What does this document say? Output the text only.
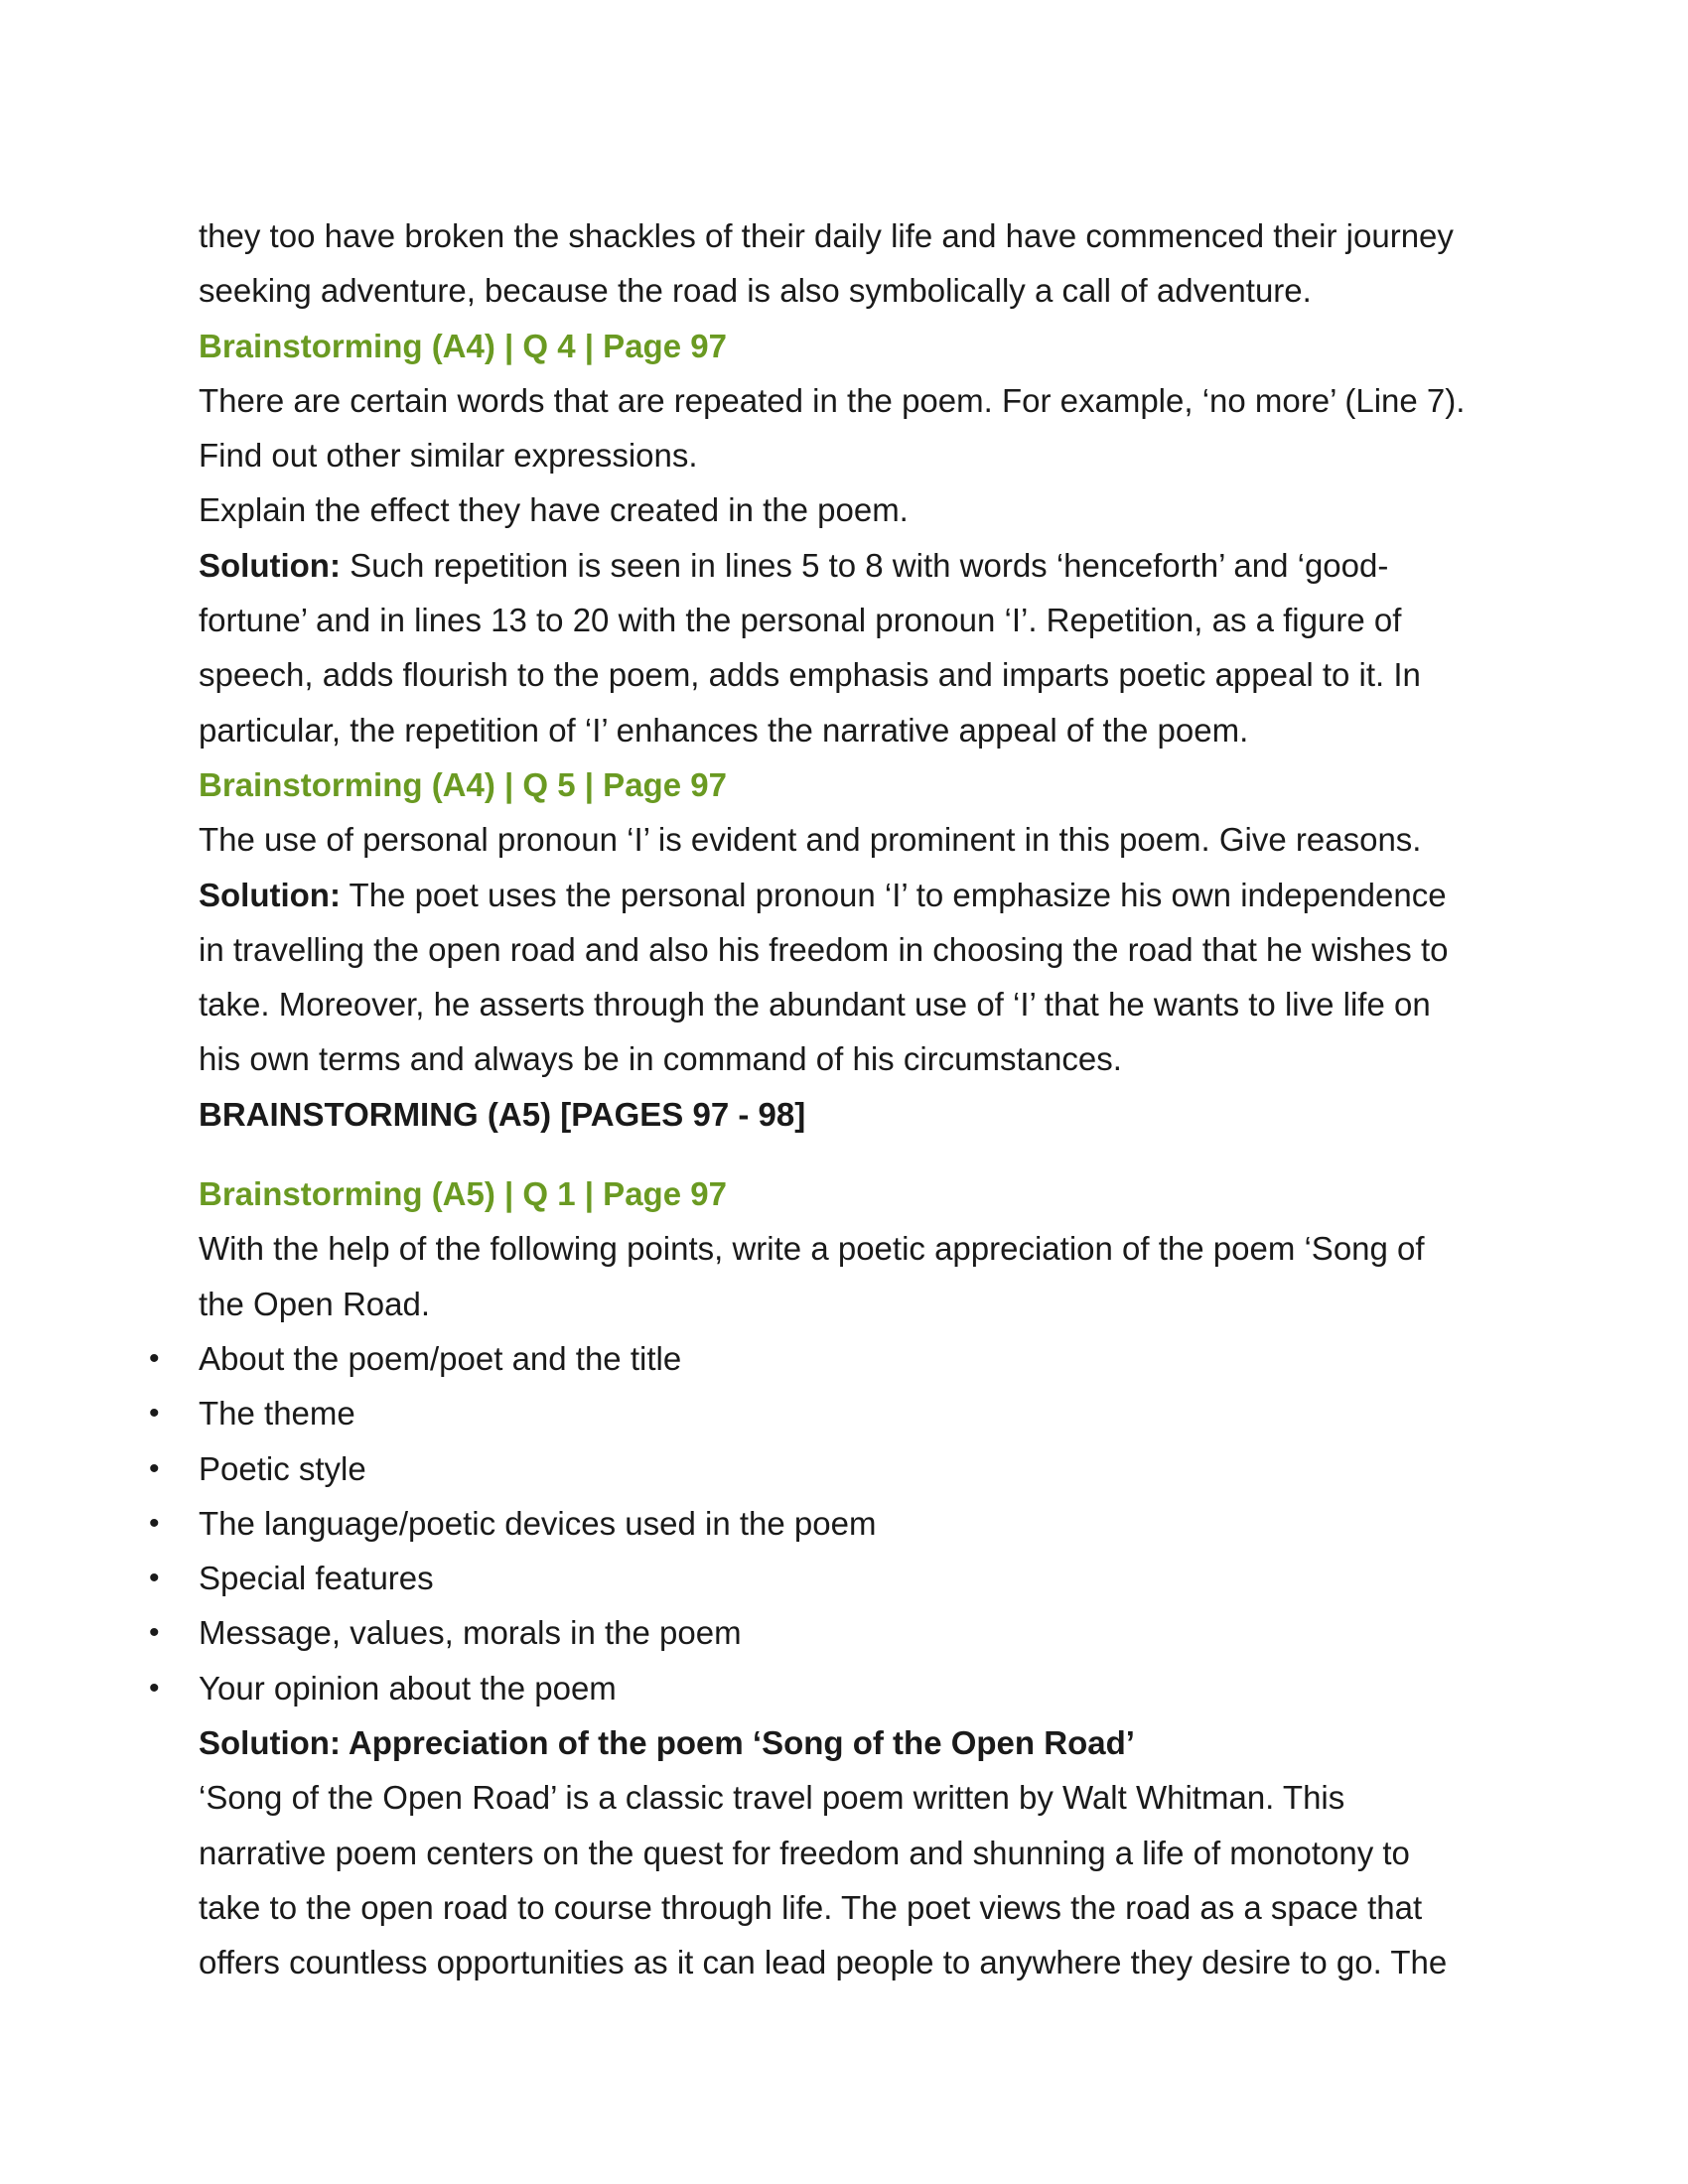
they too have broken the shackles of their daily life and have commenced their journey

seeking adventure, because the road is also symbolically a call of adventure.

Brainstorming (A4) | Q 4 | Page 97

There are certain words that are repeated in the poem. For example, ‘no more’ (Line 7).

Find out other similar expressions.

Explain the effect they have created in the poem.

Solution: Such repetition is seen in lines 5 to 8 with words ‘henceforth’ and ‘good-

fortune’ and in lines 13 to 20 with the personal pronoun ‘I’. Repetition, as a figure of

speech, adds flourish to the poem, adds emphasis and imparts poetic appeal to it. In

particular, the repetition of ‘I’ enhances the narrative appeal of the poem.

Brainstorming (A4) | Q 5 | Page 97

The use of personal pronoun ‘I’ is evident and prominent in this poem. Give reasons.

Solution: The poet uses the personal pronoun ‘I’ to emphasize his own independence

in travelling the open road and also his freedom in choosing the road that he wishes to

take. Moreover, he asserts through the abundant use of ‘I’ that he wants to live life on

his own terms and always be in command of his circumstances.

BRAINSTORMING (A5) [PAGES 97 - 98]

Brainstorming (A5) | Q 1 | Page 97

With the help of the following points, write a poetic appreciation of the poem ‘Song of

the Open Road.

• About the poem/poet and the title
• The theme
• Poetic style
• The language/poetic devices used in the poem
• Special features
• Message, values, morals in the poem
• Your opinion about the poem

Solution: Appreciation of the poem ‘Song of the Open Road’

‘Song of the Open Road’ is a classic travel poem written by Walt Whitman. This

narrative poem centers on the quest for freedom and shunning a life of monotony to

take to the open road to course through life. The poet views the road as a space that

offers countless opportunities as it can lead people to anywhere they desire to go. The
